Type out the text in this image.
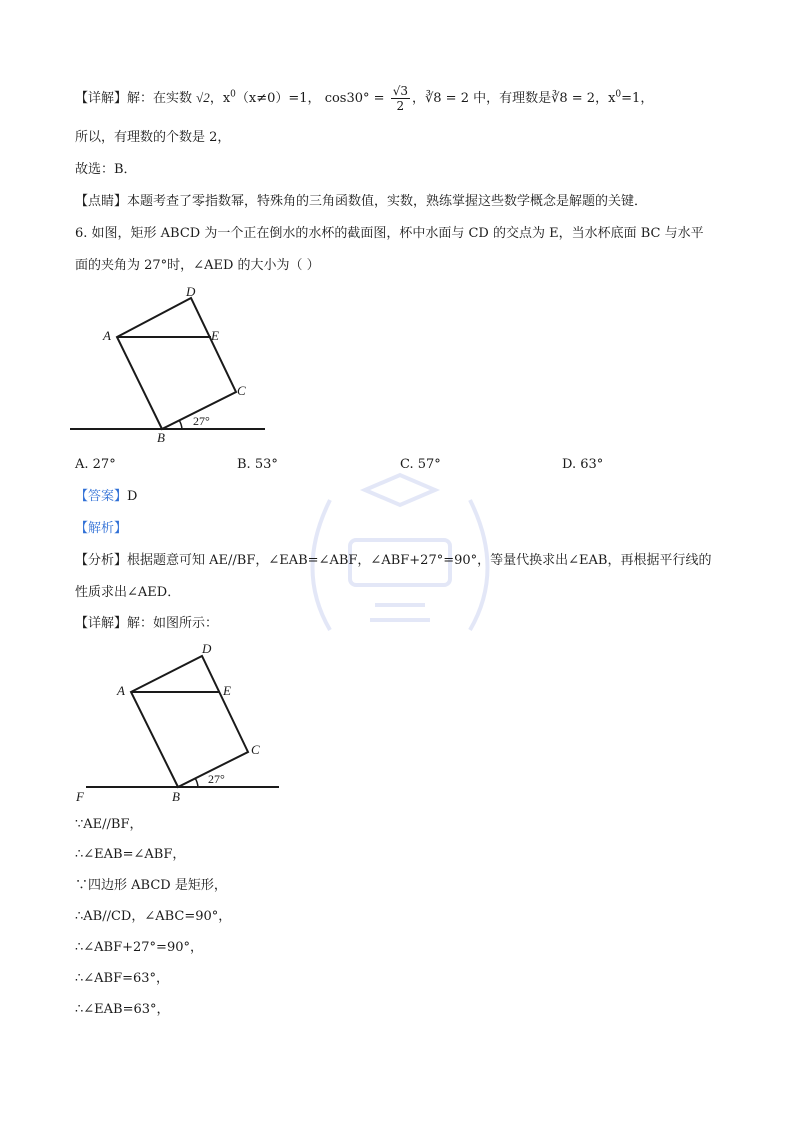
【详解】解：在实数 √2，$x^0(x\ne 0)=1$， $\cos 30^\circ = \frac{√3}{2}$ ，∛8 = 2 中，有理数是∛8 = 2，$x^0=1$，
所以，有理数的个数是 2，
故选：B．
【点睛】本题考查了零指数幂，特殊角的三角函数值，实数，熟练掌握这些数学概念是解题的关键．
6. 如图，矩形 ABCD 为一个正在倒水的水杯的截面图，杯中水面与 CD 的交点为 E，当水杯底面 BC 与水平
面的夹角为 27°时，∠AED 的大小为（ ）
D
A	E
C
B
27°
A. 27°	B. 53°	C. 57°	D. 63°
【答案】D
【解析】
【分析】根据题意可知 AE//BF，∠EAB=∠ABF，∠ABF+27°=90°，等量代换求出∠EAB，再根据平行线的
性质求出∠AED．
【详解】解：如图所示：
D
A	E
C
B
F
27°
∵AE//BF，
∴∠EAB=∠ABF，
∵四边形 ABCD 是矩形，
∴AB//CD，∠ABC=90°，
∴∠ABF+27°=90°，
∴∠ABF=63°，
∴∠EAB=63°，
